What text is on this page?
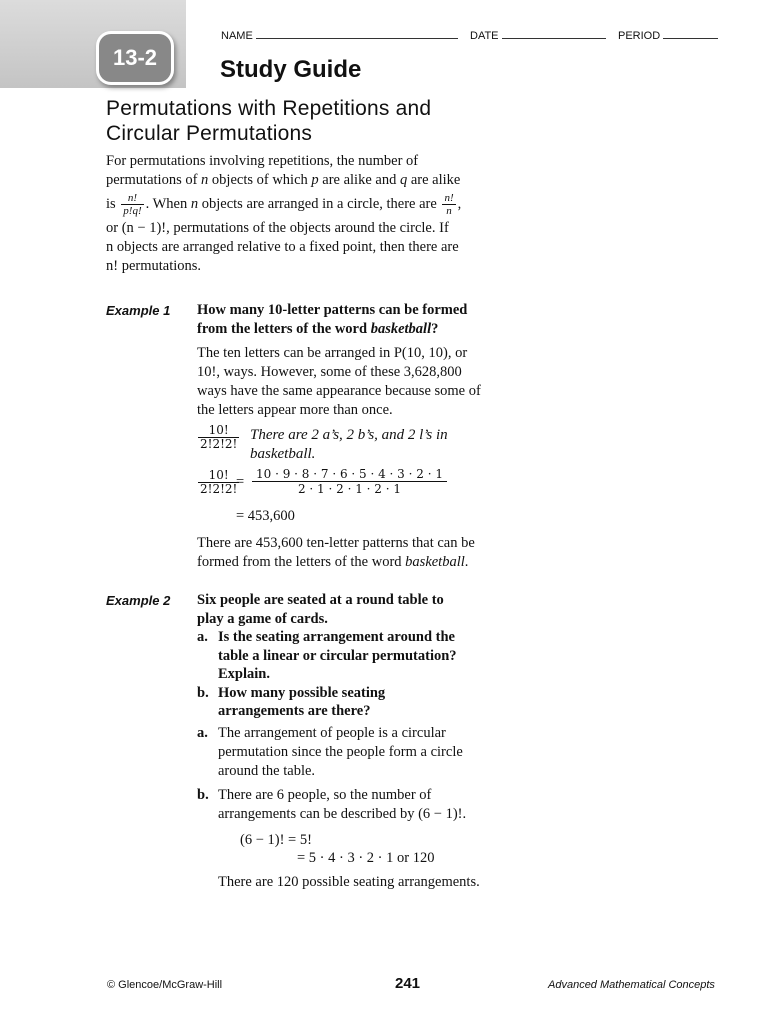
13-2
NAME	DATE	PERIOD
Study Guide
Permutations with Repetitions and
Circular Permutations
For permutations involving repetitions, the number of
permutations of n objects of which p are alike and q are alike
is $\frac{n!}{p!q!}$ . When n objects are arranged in a circle, there are $\frac{n!}{n}$ ,
or (n − 1)!, permutations of the objects around the circle. If
n objects are arranged relative to a fixed point, then there are
n! permutations.
Example 1 How many 10-letter patterns can be formed
from the letters of the word basketball?
The ten letters can be arranged in P(10, 10), or
10!, ways. However, some of these 3,628,800
ways have the same appearance because some of
the letters appear more than once.
$\frac{10!}{2!2!2!}$ There are 2 a’s, 2 b’s, and 2 l’s in
basketball.
$\frac{10!}{2!2!2!}$
= $\frac{10 \cdot 9 \cdot 8 \cdot 7 \cdot 6 \cdot 5 \cdot 4 \cdot 3 \cdot 2 \cdot 1}{2 \cdot 1 \cdot 2 \cdot 1 \cdot 2 \cdot 1}$
= 453,600
There are 453,600 ten-letter patterns that can be
formed from the letters of the word basketball.
Example 2 Six people are seated at a round table to
play a game of cards.
a. Is the seating arrangement around the
table a linear or circular permutation?
Explain.
b. How many possible seating
arrangements are there?
a. The arrangement of people is a circular
permutation since the people form a circle
around the table.
b. There are 6 people, so the number of
arrangements can be described by (6 − 1)!.
(6 − 1)! = 5!
= 5 · 4 · 3 · 2 · 1 or 120
There are 120 possible seating arrangements.
© Glencoe/McGraw-Hill	241	Advanced Mathematical Concepts
